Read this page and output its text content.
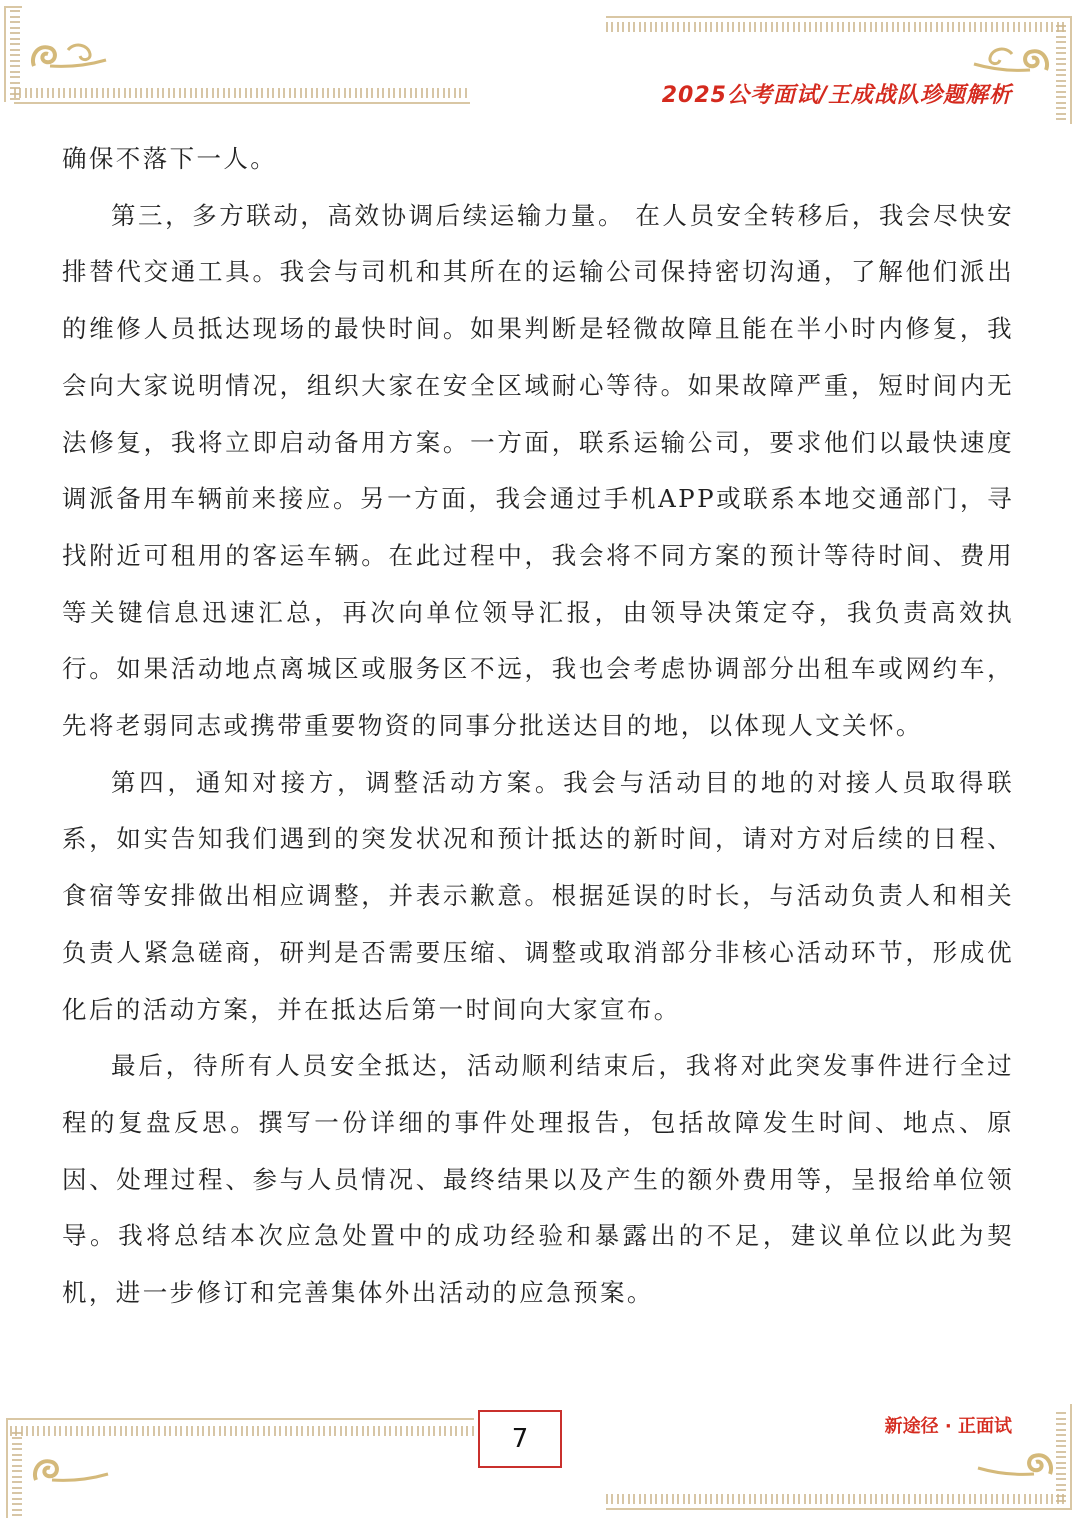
2025公考面试/王成战队珍题解析

确保不落下一人。

第三，多方联动，高效协调后续运输力量。 在人员安全转移后，我会尽快安排替代交通工具。我会与司机和其所在的运输公司保持密切沟通，了解他们派出的维修人员抵达现场的最快时间。如果判断是轻微故障且能在半小时内修复，我会向大家说明情况，组织大家在安全区域耐心等待。如果故障严重，短时间内无法修复，我将立即启动备用方案。一方面，联系运输公司，要求他们以最快速度调派备用车辆前来接应。另一方面，我会通过手机APP或联系本地交通部门，寻找附近可租用的客运车辆。在此过程中，我会将不同方案的预计等待时间、费用等关键信息迅速汇总，再次向单位领导汇报，由领导决策定夺，我负责高效执行。如果活动地点离城区或服务区不远，我也会考虑协调部分出租车或网约车，先将老弱同志或携带重要物资的同事分批送达目的地，以体现人文关怀。

第四，通知对接方，调整活动方案。我会与活动目的地的对接人员取得联系，如实告知我们遇到的突发状况和预计抵达的新时间，请对方对后续的日程、食宿等安排做出相应调整，并表示歉意。根据延误的时长，与活动负责人和相关负责人紧急磋商，研判是否需要压缩、调整或取消部分非核心活动环节，形成优化后的活动方案，并在抵达后第一时间向大家宣布。

最后，待所有人员安全抵达，活动顺利结束后，我将对此突发事件进行全过程的复盘反思。撰写一份详细的事件处理报告，包括故障发生时间、地点、原因、处理过程、参与人员情况、最终结果以及产生的额外费用等，呈报给单位领导。我将总结本次应急处置中的成功经验和暴露出的不足，建议单位以此为契机，进一步修订和完善集体外出活动的应急预案。

7	新途径 · 正面试
